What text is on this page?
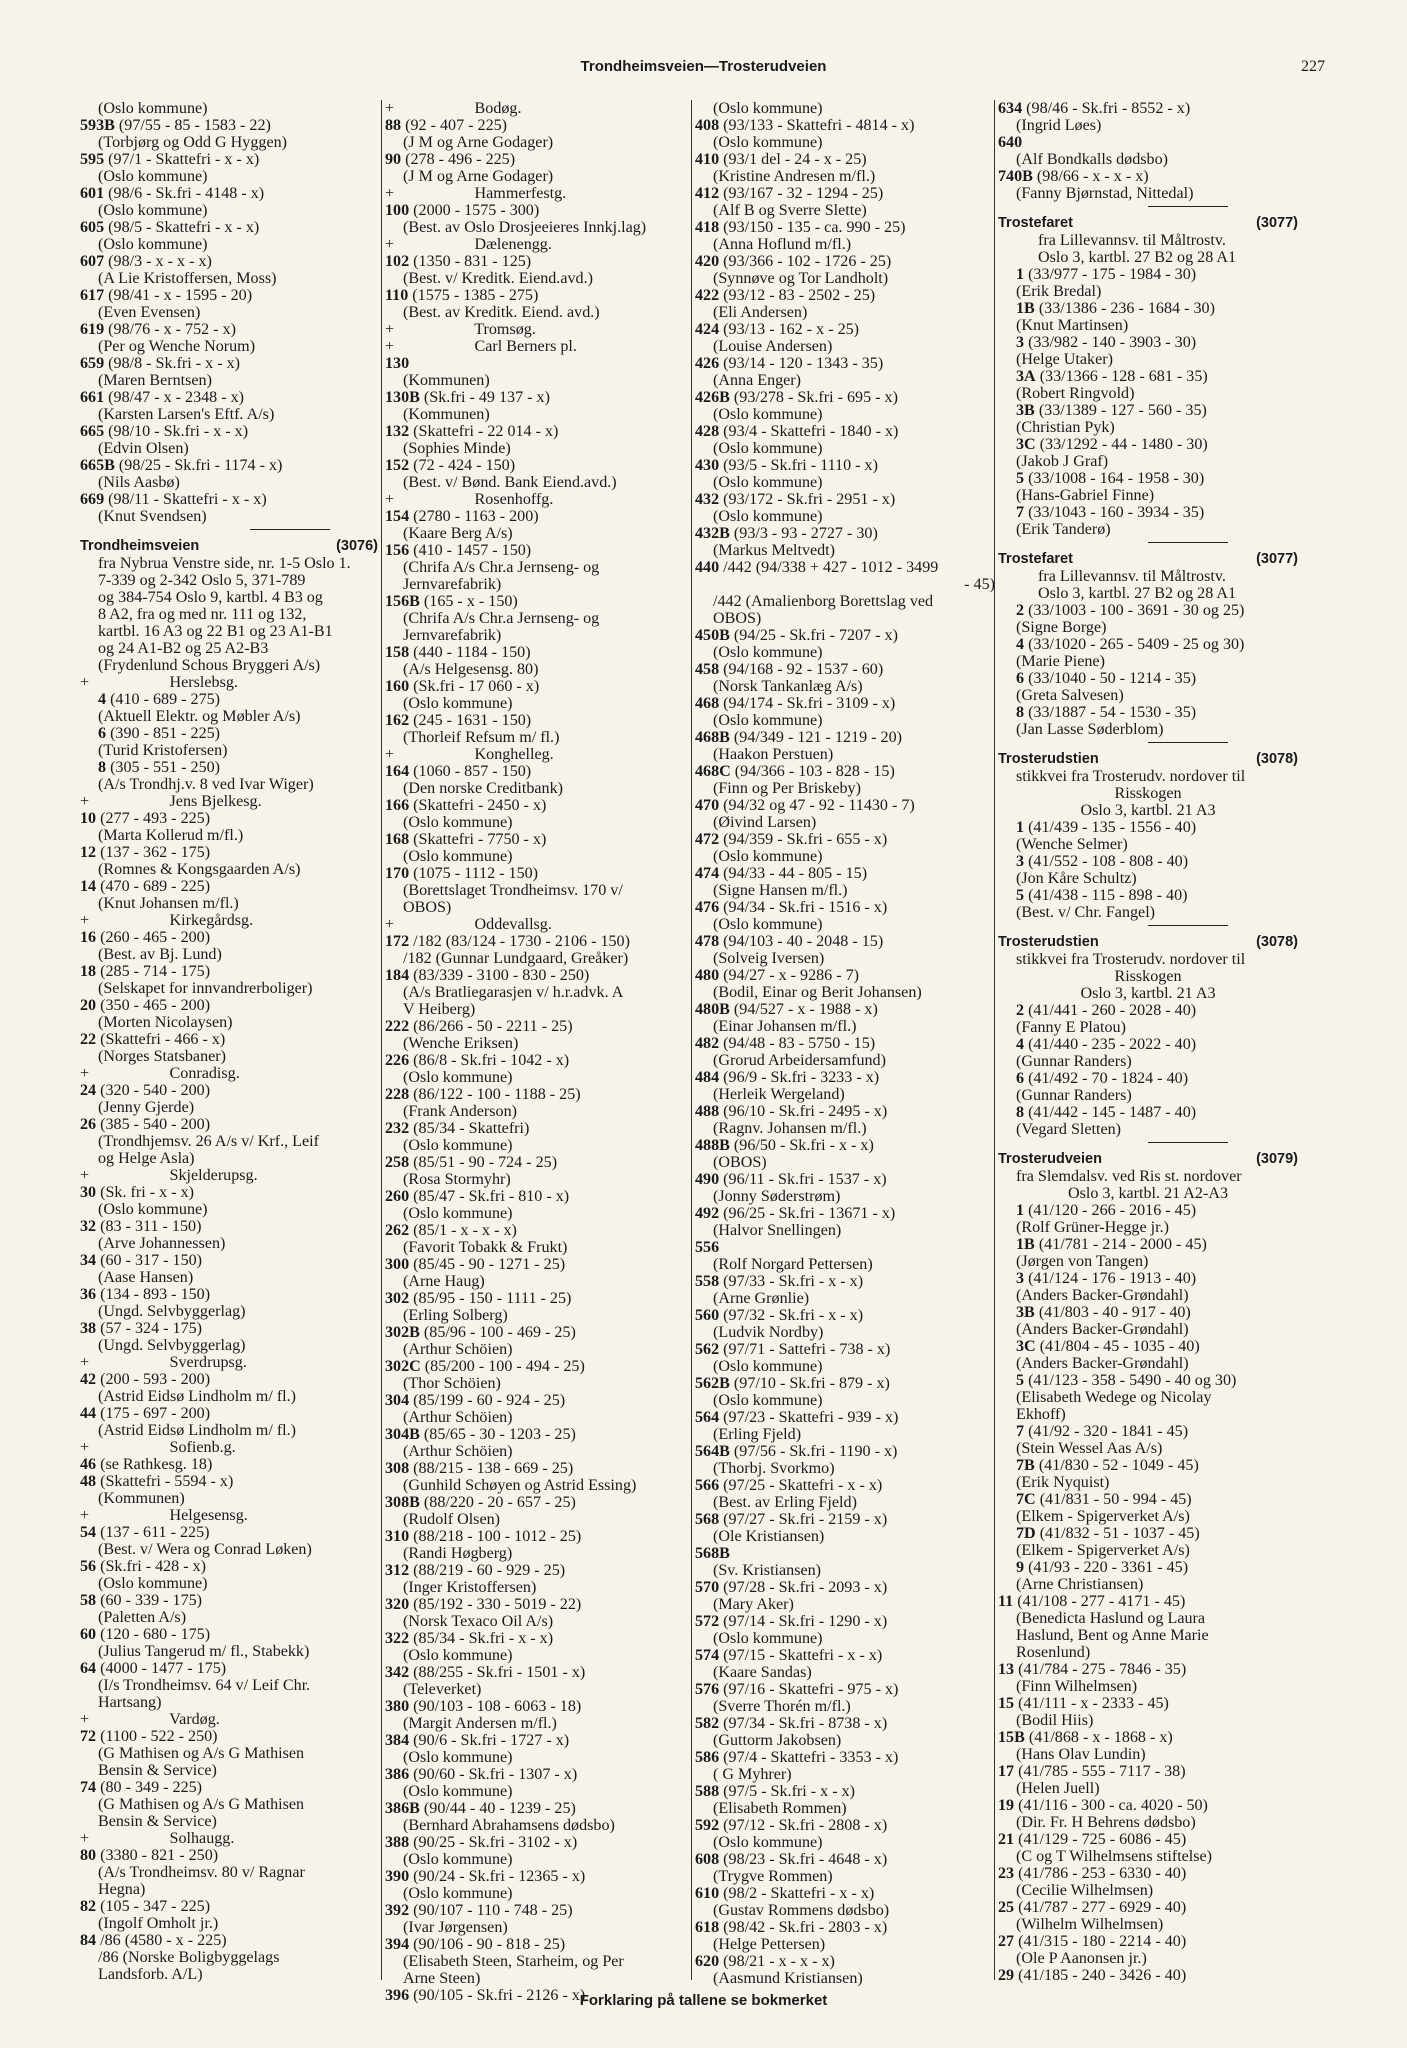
Trondheimsveien—Trosterudveien	227
(Oslo kommune)
593B (97/55 - 85 - 1583 - 22)
(Torbjørg og Odd G Hyggen)
595 (97/1 - Skattefri - x - x)
(Oslo kommune)
601 (98/6 - Sk.fri - 4148 - x)
(Oslo kommune)
605 (98/5 - Skattefri - x - x)
(Oslo kommune)
607 (98/3 - x - x - x)
(A Lie Kristoffersen, Moss)
617 (98/41 - x - 1595 - 20)
(Even Evensen)
619 (98/76 - x - 752 - x)
(Per og Wenche Norum)
659 (98/8 - Sk.fri - x - x)
(Maren Berntsen)
661 (98/47 - x - 2348 - x)
(Karsten Larsen's Eftf. A/s)
665 (98/10 - Sk.fri - x - x)
(Edvin Olsen)
665B (98/25 - Sk.fri - 1174 - x)
(Nils Aasbø)
669 (98/11 - Skattefri - x - x)
(Knut Svendsen)
Trondheimsveien	(3076)
fra Nybrua Venstre side, nr. 1-5 Oslo 1.
7-339 og 2-342 Oslo 5, 371-789
og 384-754 Oslo 9, kartbl. 4 B3 og
8 A2, fra og med nr. 111 og 132,
kartbl. 16 A3 og 22 B1 og 23 A1-B1
og 24 A1-B2 og 25 A2-B3
(Frydenlund Schous Bryggeri A/s)
+                    Herslebsg.
4 (410 - 689 - 275)
(Aktuell Elektr. og Møbler A/s)
6 (390 - 851 - 225)
(Turid Kristofersen)
8 (305 - 551 - 250)
(A/s Trondhj.v. 8 ved Ivar Wiger)
+                    Jens Bjelkesg.
10 (277 - 493 - 225)
(Marta Kollerud m/fl.)
12 (137 - 362 - 175)
(Romnes & Kongsgaarden A/s)
14 (470 - 689 - 225)
(Knut Johansen m/fl.)
+                    Kirkegårdsg.
16 (260 - 465 - 200)
(Best. av Bj. Lund)
18 (285 - 714 - 175)
(Selskapet for innvandrerboliger)
20 (350 - 465 - 200)
(Morten Nicolaysen)
22 (Skattefri - 466 - x)
(Norges Statsbaner)
+                    Conradisg.
24 (320 - 540 - 200)
(Jenny Gjerde)
26 (385 - 540 - 200)
(Trondhjemsv. 26 A/s v/ Krf., Leif
og Helge Asla)
+                    Skjelderupsg.
30 (Sk. fri - x - x)
(Oslo kommune)
32 (83 - 311 - 150)
(Arve Johannessen)
34 (60 - 317 - 150)
(Aase Hansen)
36 (134 - 893 - 150)
(Ungd. Selvbyggerlag)
38 (57 - 324 - 175)
(Ungd. Selvbyggerlag)
+                    Sverdrupsg.
42 (200 - 593 - 200)
(Astrid Eidsø Lindholm m/ fl.)
44 (175 - 697 - 200)
(Astrid Eidsø Lindholm m/ fl.)
+                    Sofienb.g.
46 (se Rathkesg. 18)
48 (Skattefri - 5594 - x)
(Kommunen)
+                    Helgesensg.
54 (137 - 611 - 225)
(Best. v/ Wera og Conrad Løken)
56 (Sk.fri - 428 - x)
(Oslo kommune)
58 (60 - 339 - 175)
(Paletten A/s)
60 (120 - 680 - 175)
(Julius Tangerud m/ fl., Stabekk)
64 (4000 - 1477 - 175)
(I/s Trondheimsv. 64 v/ Leif Chr.
Hartsang)
+                    Vardøg.
72 (1100 - 522 - 250)
(G Mathisen og A/s G Mathisen
Bensin & Service)
74 (80 - 349 - 225)
(G Mathisen og A/s G Mathisen
Bensin & Service)
+                    Solhaugg.
80 (3380 - 821 - 250)
(A/s Trondheimsv. 80 v/ Ragnar
Hegna)
82 (105 - 347 - 225)
(Ingolf Omholt jr.)
84 /86 (4580 - x - 225)
/86 (Norske Boligbyggelags
Landsforb. A/L)
+                    Bodøg.
88 (92 - 407 - 225)
(J M og Arne Godager)
90 (278 - 496 - 225)
(J M og Arne Godager)
+                    Hammerfestg.
100 (2000 - 1575 - 300)
(Best. av Oslo Drosjeeieres Innkj.lag)
+                    Dælenengg.
102 (1350 - 831 - 125)
(Best. v/ Kreditk. Eiend.avd.)
110 (1575 - 1385 - 275)
(Best. av Kreditk. Eiend. avd.)
+                    Tromsøg.
+                    Carl Berners pl.
130
(Kommunen)
130B (Sk.fri - 49 137 - x)
(Kommunen)
132 (Skattefri - 22 014 - x)
(Sophies Minde)
152 (72 - 424 - 150)
(Best. v/ Bønd. Bank Eiend.avd.)
+                    Rosenhoffg.
154 (2780 - 1163 - 200)
(Kaare Berg A/s)
156 (410 - 1457 - 150)
(Chrifa A/s Chr.a Jernseng- og
Jernvarefabrik)
156B (165 - x - 150)
(Chrifa A/s Chr.a Jernseng- og
Jernvarefabrik)
158 (440 - 1184 - 150)
(A/s Helgesensg. 80)
160 (Sk.fri - 17 060 - x)
(Oslo kommune)
162 (245 - 1631 - 150)
(Thorleif Refsum m/ fl.)
+                    Konghelleg.
164 (1060 - 857 - 150)
(Den norske Creditbank)
166 (Skattefri - 2450 - x)
(Oslo kommune)
168 (Skattefri - 7750 - x)
(Oslo kommune)
170 (1075 - 1112 - 150)
(Borettslaget Trondheimsv. 170 v/
OBOS)
+                    Oddevallsg.
172 /182 (83/124 - 1730 - 2106 - 150)
/182 (Gunnar Lundgaard, Greåker)
184 (83/339 - 3100 - 830 - 250)
(A/s Bratliegarasjen v/ h.r.advk. A
V Heiberg)
222 (86/266 - 50 - 2211 - 25)
(Wenche Eriksen)
226 (86/8 - Sk.fri - 1042 - x)
(Oslo kommune)
228 (86/122 - 100 - 1188 - 25)
(Frank Anderson)
232 (85/34 - Skattefri)
(Oslo kommune)
258 (85/51 - 90 - 724 - 25)
(Rosa Stormyhr)
260 (85/47 - Sk.fri - 810 - x)
(Oslo kommune)
262 (85/1 - x - x - x)
(Favorit Tobakk & Frukt)
300 (85/45 - 90 - 1271 - 25)
(Arne Haug)
302 (85/95 - 150 - 1111 - 25)
(Erling Solberg)
302B (85/96 - 100 - 469 - 25)
(Arthur Schöien)
302C (85/200 - 100 - 494 - 25)
(Thor Schöien)
304 (85/199 - 60 - 924 - 25)
(Arthur Schöien)
304B (85/65 - 30 - 1203 - 25)
(Arthur Schöien)
308 (88/215 - 138 - 669 - 25)
(Gunhild Schøyen og Astrid Essing)
308B (88/220 - 20 - 657 - 25)
(Rudolf Olsen)
310 (88/218 - 100 - 1012 - 25)
(Randi Høgberg)
312 (88/219 - 60 - 929 - 25)
(Inger Kristoffersen)
320 (85/192 - 330 - 5019 - 22)
(Norsk Texaco Oil A/s)
322 (85/34 - Sk.fri - x - x)
(Oslo kommune)
342 (88/255 - Sk.fri - 1501 - x)
(Televerket)
380 (90/103 - 108 - 6063 - 18)
(Margit Andersen m/fl.)
384 (90/6 - Sk.fri - 1727 - x)
(Oslo kommune)
386 (90/60 - Sk.fri - 1307 - x)
(Oslo kommune)
386B (90/44 - 40 - 1239 - 25)
(Bernhard Abrahamsens dødsbo)
388 (90/25 - Sk.fri - 3102 - x)
(Oslo kommune)
390 (90/24 - Sk.fri - 12365 - x)
(Oslo kommune)
392 (90/107 - 110 - 748 - 25)
(Ivar Jørgensen)
394 (90/106 - 90 - 818 - 25)
(Elisabeth Steen, Starheim, og Per
Arne Steen)
396 (90/105 - Sk.fri - 2126 - x)
(Oslo kommune)
408 (93/133 - Skattefri - 4814 - x)
(Oslo kommune)
410 (93/1 del - 24 - x - 25)
(Kristine Andresen m/fl.)
412 (93/167 - 32 - 1294 - 25)
(Alf B og Sverre Slette)
418 (93/150 - 135 - ca. 990 - 25)
(Anna Hoflund m/fl.)
420 (93/366 - 102 - 1726 - 25)
(Synnøve og Tor Landholt)
422 (93/12 - 83 - 2502 - 25)
(Eli Andersen)
424 (93/13 - 162 - x - 25)
(Louise Andersen)
426 (93/14 - 120 - 1343 - 35)
(Anna Enger)
426B (93/278 - Sk.fri - 695 - x)
(Oslo kommune)
428 (93/4 - Skattefri - 1840 - x)
(Oslo kommune)
430 (93/5 - Sk.fri - 1110 - x)
(Oslo kommune)
432 (93/172 - Sk.fri - 2951 - x)
(Oslo kommune)
432B (93/3 - 93 - 2727 - 30)
(Markus Meltvedt)
440 /442 (94/338 + 427 - 1012 - 3499
- 45)
/442 (Amalienborg Borettslag ved
OBOS)
450B (94/25 - Sk.fri - 7207 - x)
(Oslo kommune)
458 (94/168 - 92 - 1537 - 60)
(Norsk Tankanlæg A/s)
468 (94/174 - Sk.fri - 3109 - x)
(Oslo kommune)
468B (94/349 - 121 - 1219 - 20)
(Haakon Perstuen)
468C (94/366 - 103 - 828 - 15)
(Finn og Per Briskeby)
470 (94/32 og 47 - 92 - 11430 - 7)
(Øivind Larsen)
472 (94/359 - Sk.fri - 655 - x)
(Oslo kommune)
474 (94/33 - 44 - 805 - 15)
(Signe Hansen m/fl.)
476 (94/34 - Sk.fri - 1516 - x)
(Oslo kommune)
478 (94/103 - 40 - 2048 - 15)
(Solveig Iversen)
480 (94/27 - x - 9286 - 7)
(Bodil, Einar og Berit Johansen)
480B (94/527 - x - 1988 - x)
(Einar Johansen m/fl.)
482 (94/48 - 83 - 5750 - 15)
(Grorud Arbeidersamfund)
484 (96/9 - Sk.fri - 3233 - x)
(Herleik Wergeland)
488 (96/10 - Sk.fri - 2495 - x)
(Ragnv. Johansen m/fl.)
488B (96/50 - Sk.fri - x - x)
(OBOS)
490 (96/11 - Sk.fri - 1537 - x)
(Jonny Søderstrøm)
492 (96/25 - Sk.fri - 13671 - x)
(Halvor Snellingen)
556
(Rolf Norgard Pettersen)
558 (97/33 - Sk.fri - x - x)
(Arne Grønlie)
560 (97/32 - Sk.fri - x - x)
(Ludvik Nordby)
562 (97/71 - Sattefri - 738 - x)
(Oslo kommune)
562B (97/10 - Sk.fri - 879 - x)
(Oslo kommune)
564 (97/23 - Skattefri - 939 - x)
(Erling Fjeld)
564B (97/56 - Sk.fri - 1190 - x)
(Thorbj. Svorkmo)
566 (97/25 - Skattefri - x - x)
(Best. av Erling Fjeld)
568 (97/27 - Sk.fri - 2159 - x)
(Ole Kristiansen)
568B
(Sv. Kristiansen)
570 (97/28 - Sk.fri - 2093 - x)
(Mary Aker)
572 (97/14 - Sk.fri - 1290 - x)
(Oslo kommune)
574 (97/15 - Skattefri - x - x)
(Kaare Sandas)
576 (97/16 - Skattefri - 975 - x)
(Sverre Thorén m/fl.)
582 (97/34 - Sk.fri - 8738 - x)
(Guttorm Jakobsen)
586 (97/4 - Skattefri - 3353 - x)
( G Myhrer)
588 (97/5 - Sk.fri - x - x)
(Elisabeth Rommen)
592 (97/12 - Sk.fri - 2808 - x)
(Oslo kommune)
608 (98/23 - Sk.fri - 4648 - x)
(Trygve Rommen)
610 (98/2 - Skattefri - x - x)
(Gustav Rommens dødsbo)
618 (98/42 - Sk.fri - 2803 - x)
(Helge Pettersen)
620 (98/21 - x - x - x)
(Aasmund Kristiansen)
634 (98/46 - Sk.fri - 8552 - x)
(Ingrid Løes)
640
(Alf Bondkalls dødsbo)
740B (98/66 - x - x - x)
(Fanny Bjørnstad, Nittedal)
Trostefaret	(3077)
fra Lillevannsv. til Måltrostv.
Oslo 3, kartbl. 27 B2 og 28 A1
1 (33/977 - 175 - 1984 - 30)
(Erik Bredal)
1B (33/1386 - 236 - 1684 - 30)
(Knut Martinsen)
3 (33/982 - 140 - 3903 - 30)
(Helge Utaker)
3A (33/1366 - 128 - 681 - 35)
(Robert Ringvold)
3B (33/1389 - 127 - 560 - 35)
(Christian Pyk)
3C (33/1292 - 44 - 1480 - 30)
(Jakob J Graf)
5 (33/1008 - 164 - 1958 - 30)
(Hans-Gabriel Finne)
7 (33/1043 - 160 - 3934 - 35)
(Erik Tanderø)
Trostefaret	(3077)
fra Lillevannsv. til Måltrostv.
Oslo 3, kartbl. 27 B2 og 28 A1
2 (33/1003 - 100 - 3691 - 30 og 25)
(Signe Borge)
4 (33/1020 - 265 - 5409 - 25 og 30)
(Marie Piene)
6 (33/1040 - 50 - 1214 - 35)
(Greta Salvesen)
8 (33/1887 - 54 - 1530 - 35)
(Jan Lasse Søderblom)
Trosterudstien	(3078)
stikkvei fra Trosterudv. nordover til
Risskogen
Oslo 3, kartbl. 21 A3
1 (41/439 - 135 - 1556 - 40)
(Wenche Selmer)
3 (41/552 - 108 - 808 - 40)
(Jon Kåre Schultz)
5 (41/438 - 115 - 898 - 40)
(Best. v/ Chr. Fangel)
Trosterudstien	(3078)
stikkvei fra Trosterudv. nordover til
Risskogen
Oslo 3, kartbl. 21 A3
2 (41/441 - 260 - 2028 - 40)
(Fanny E Platou)
4 (41/440 - 235 - 2022 - 40)
(Gunnar Randers)
6 (41/492 - 70 - 1824 - 40)
(Gunnar Randers)
8 (41/442 - 145 - 1487 - 40)
(Vegard Sletten)
Trosterudveien	(3079)
fra Slemdalsv. ved Ris st. nordover
Oslo 3, kartbl. 21 A2-A3
1 (41/120 - 266 - 2016 - 45)
(Rolf Grüner-Hegge jr.)
1B (41/781 - 214 - 2000 - 45)
(Jørgen von Tangen)
3 (41/124 - 176 - 1913 - 40)
(Anders Backer-Grøndahl)
3B (41/803 - 40 - 917 - 40)
(Anders Backer-Grøndahl)
3C (41/804 - 45 - 1035 - 40)
(Anders Backer-Grøndahl)
5 (41/123 - 358 - 5490 - 40 og 30)
(Elisabeth Wedege og Nicolay
Ekhoff)
7 (41/92 - 320 - 1841 - 45)
(Stein Wessel Aas A/s)
7B (41/830 - 52 - 1049 - 45)
(Erik Nyquist)
7C (41/831 - 50 - 994 - 45)
(Elkem - Spigerverket A/s)
7D (41/832 - 51 - 1037 - 45)
(Elkem - Spigerverket A/s)
9 (41/93 - 220 - 3361 - 45)
(Arne Christiansen)
11 (41/108 - 277 - 4171 - 45)
(Benedicta Haslund og Laura
Haslund, Bent og Anne Marie
Rosenlund)
13 (41/784 - 275 - 7846 - 35)
(Finn Wilhelmsen)
15 (41/111 - x - 2333 - 45)
(Bodil Hiis)
15B (41/868 - x - 1868 - x)
(Hans Olav Lundin)
17 (41/785 - 555 - 7117 - 38)
(Helen Juell)
19 (41/116 - 300 - ca. 4020 - 50)
(Dir. Fr. H Behrens dødsbo)
21 (41/129 - 725 - 6086 - 45)
(C og T Wilhelmsens stiftelse)
23 (41/786 - 253 - 6330 - 40)
(Cecilie Wilhelmsen)
25 (41/787 - 277 - 6929 - 40)
(Wilhelm Wilhelmsen)
27 (41/315 - 180 - 2214 - 40)
(Ole P Aanonsen jr.)
29 (41/185 - 240 - 3426 - 40)
Forklaring på tallene se bokmerket
